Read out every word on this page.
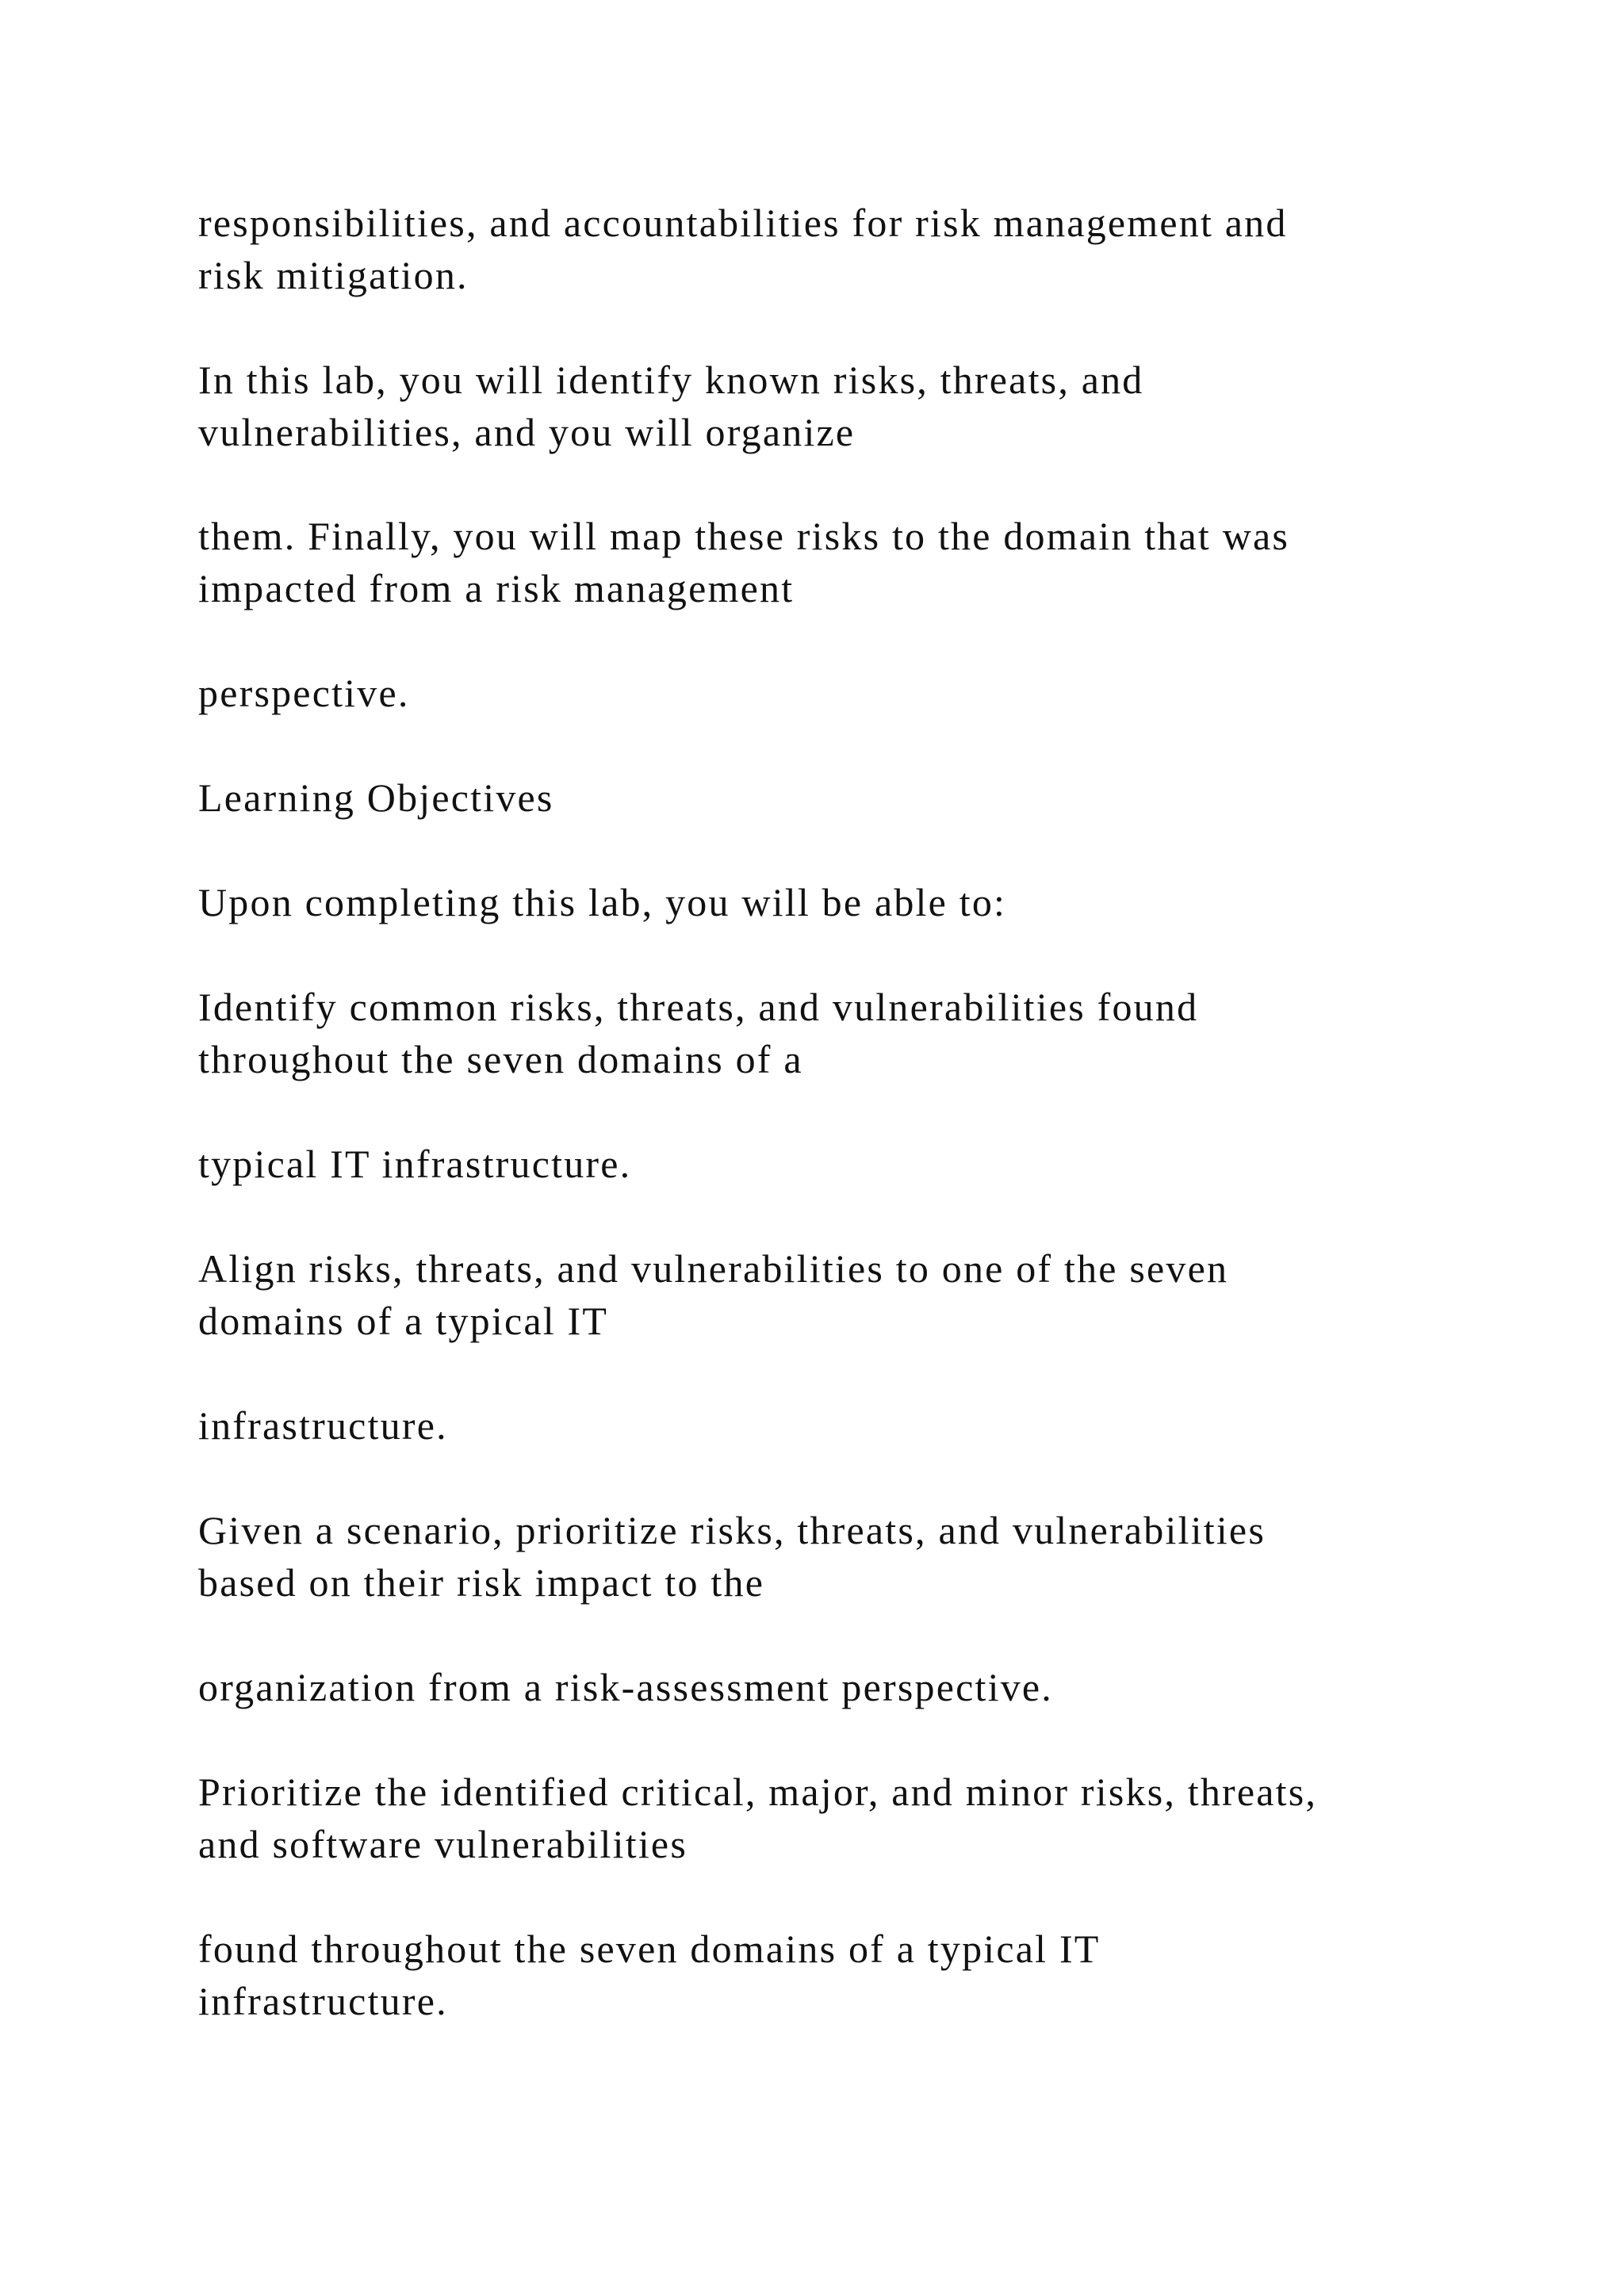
responsibilities, and accountabilities for risk management and
risk mitigation.

In this lab, you will identify known risks, threats, and
vulnerabilities, and you will organize

them. Finally, you will map these risks to the domain that was
impacted from a risk management

perspective.

Learning Objectives

Upon completing this lab, you will be able to:

Identify common risks, threats, and vulnerabilities found
throughout the seven domains of a

typical IT infrastructure.

Align risks, threats, and vulnerabilities to one of the seven
domains of a typical IT

infrastructure.

Given a scenario, prioritize risks, threats, and vulnerabilities
based on their risk impact to the

organization from a risk-assessment perspective.

Prioritize the identified critical, major, and minor risks, threats,
and software vulnerabilities

found throughout the seven domains of a typical IT
infrastructure.
